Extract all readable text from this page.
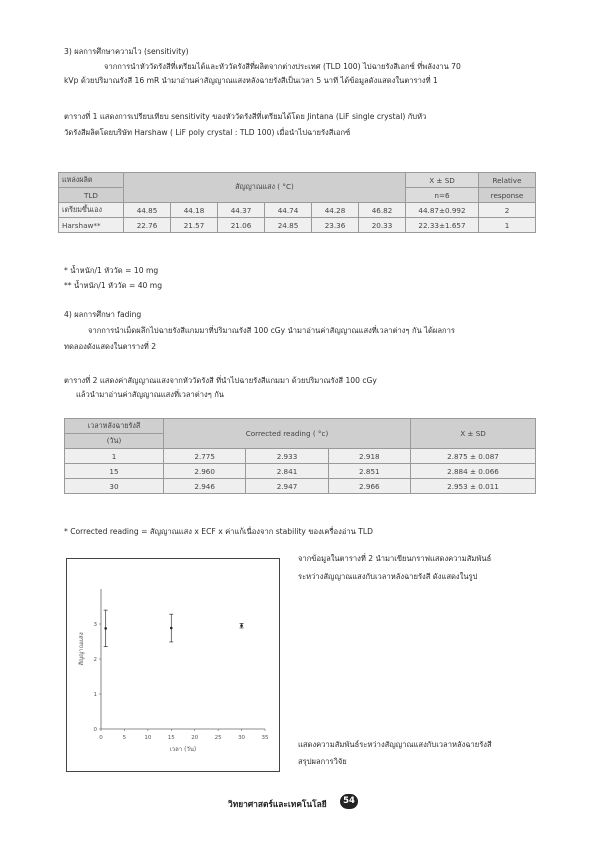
3) ผลการศึกษาความไว (sensitivity)
จากการนำหัววัดรังสีที่เตรียมได้และหัววัดรังสีที่ผลิตจากต่างประเทศ (TLD 100) ไปฉายรังสีเอกซ์ ที่พลังงาน 70
kVp ด้วยปริมาณรังสี 16 mR นำมาอ่านค่าสัญญาณแสงหลังฉายรังสีเป็นเวลา 5 นาที ได้ข้อมูลดังแสดงในตารางที่ 1
ตารางที่ 1 แสดงการเปรียบเทียบ sensitivity ของหัววัดรังสีที่เตรียมได้โดย Jintana (LiF single crystal) กับหัว
วัดรังสีผลิตโดยบริษัท Harshaw ( LiF poly crystal : TLD 100) เมื่อนำไปฉายรังสีเอกซ์
แหล่งผลิต	สัญญาณแสง ( °C)						X ± SD	Relative
TLD							n=6	response
เตรียมขึ้นเอง	44.85	44.18	44.37	44.74	44.28	46.82	44.87±0.992	2
Harshaw**	22.76	21.57	21.06	24.85	23.36	20.33	22.33±1.657	1
* น้ำหนัก/1 หัววัด = 10 mg
** น้ำหนัก/1 หัววัด = 40 mg
4) ผลการศึกษา fading
จากการนำเม็ดผลึกไปฉายรังสีแกมมาที่ปริมาณรังสี 100 cGy นำมาอ่านค่าสัญญาณแสงที่เวลาต่างๆ กัน ได้ผลการ
ทดลองดังแสดงในตารางที่ 2
ตารางที่ 2 แสดงค่าสัญญาณแสงจากหัววัดรังสี ที่นำไปฉายรังสีแกมมา ด้วยปริมาณรังสี 100 cGy
แล้วนำมาอ่านค่าสัญญาณแสงที่เวลาต่างๆ กัน
เวลาหลังฉายรังสี	Corrected reading ( °c)			X ± SD
(วัน)				
1	2.775	2.933	2.918	2.875 ± 0.087
15	2.960	2.841	2.851	2.884 ± 0.066
30	2.946	2.947	2.966	2.953 ± 0.011
* Corrected reading = สัญญาณแสง x ECF x ค่าแก้เนื่องจาก stability ของเครื่องอ่าน TLD
0	5	10	15	20	25	30	35
3
2
1
0
เวลา (วัน)
สัญญาณแสง
จากข้อมูลในตารางที่ 2 นำมาเขียนกราฟแสดงความสัมพันธ์
ระหว่างสัญญาณแสงกับเวลาหลังฉายรังสี ดังแสดงในรูป
แสดงความสัมพันธ์ระหว่างสัญญาณแสงกับเวลาหลังฉายรังสี
สรุปผลการวิจัย
วิทยาศาสตร์และเทคโนโลยี	54
